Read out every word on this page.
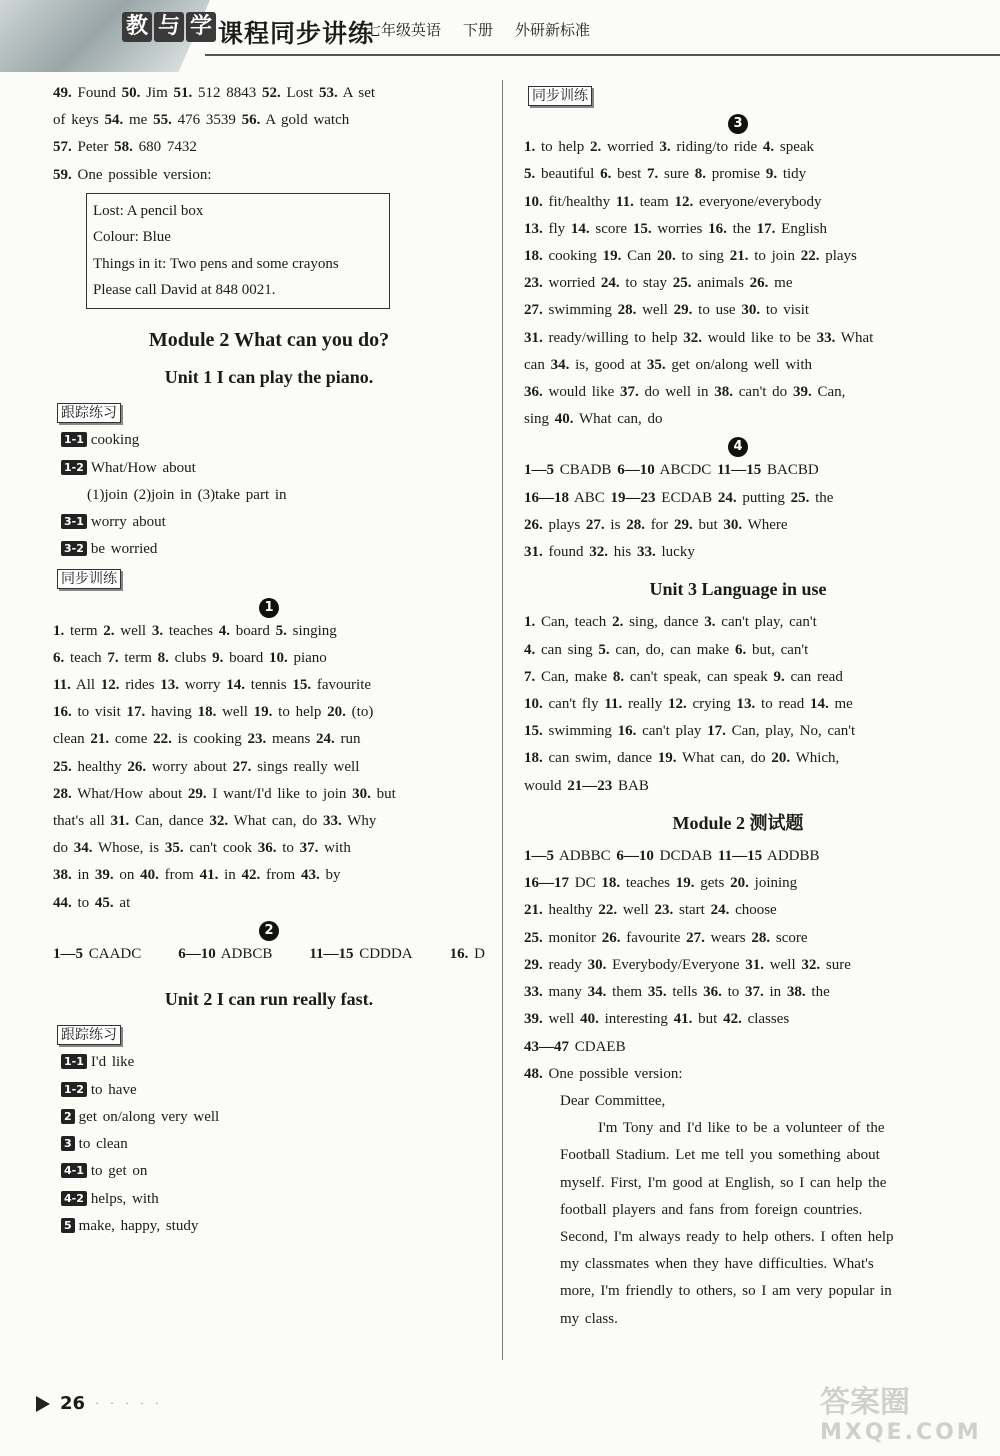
教 与 学 课程同步讲练
七年级英语 下册 外研新标准
49. Found 50. Jim 51. 512 8843 52. Lost 53. A set
of keys 54. me 55. 476 3539 56. A gold watch
57. Peter 58. 680 7432
59. One possible version:
Lost: A pencil box
Colour: Blue
Things in it: Two pens and some crayons
Please call David at 848 0021.
Module 2 What can you do?
Unit 1 I can play the piano.
跟踪练习
1-1 cooking
1-2 What/How about
(1)join (2)join in (3)take part in
3-1 worry about
3-2 be worried
同步训练
1
1. term 2. well 3. teaches 4. board 5. singing
6. teach 7. term 8. clubs 9. board 10. piano
11. All 12. rides 13. worry 14. tennis 15. favourite
16. to visit 17. having 18. well 19. to help 20. (to)
clean 21. come 22. is cooking 23. means 24. run
25. healthy 26. worry about 27. sings really well
28. What/How about 29. I want/I'd like to join 30. but
that's all 31. Can, dance 32. What can, do 33. Why
do 34. Whose, is 35. can't cook 36. to 37. with
38. in 39. on 40. from 41. in 42. from 43. by
44. to 45. at
2
1—5 CAADC 6—10 ADBCB 11—15 CDDDA 16. D
Unit 2 I can run really fast.
跟踪练习
1-1 I'd like
1-2 to have
2 get on/along very well
3 to clean
4-1 to get on
4-2 helps, with
5 make, happy, study
同步训练
3
1. to help 2. worried 3. riding/to ride 4. speak
5. beautiful 6. best 7. sure 8. promise 9. tidy
10. fit/healthy 11. team 12. everyone/everybody
13. fly 14. score 15. worries 16. the 17. English
18. cooking 19. Can 20. to sing 21. to join 22. plays
23. worried 24. to stay 25. animals 26. me
27. swimming 28. well 29. to use 30. to visit
31. ready/willing to help 32. would like to be 33. What
can 34. is, good at 35. get on/along well with
36. would like 37. do well in 38. can't do 39. Can,
sing 40. What can, do
4
1—5 CBADB 6—10 ABCDC 11—15 BACBD
16—18 ABC 19—23 ECDAB 24. putting 25. the
26. plays 27. is 28. for 29. but 30. Where
31. found 32. his 33. lucky
Unit 3 Language in use
1. Can, teach 2. sing, dance 3. can't play, can't
4. can sing 5. can, do, can make 6. but, can't
7. Can, make 8. can't speak, can speak 9. can read
10. can't fly 11. really 12. crying 13. to read 14. me
15. swimming 16. can't play 17. Can, play, No, can't
18. can swim, dance 19. What can, do 20. Which,
would 21—23 BAB
Module 2 测试题
1—5 ADBBC 6—10 DCDAB 11—15 ADDBB
16—17 DC 18. teaches 19. gets 20. joining
21. healthy 22. well 23. start 24. choose
25. monitor 26. favourite 27. wears 28. score
29. ready 30. Everybody/Everyone 31. well 32. sure
33. many 34. them 35. tells 36. to 37. in 38. the
39. well 40. interesting 41. but 42. classes
43—47 CDAEB
48. One possible version:
Dear Committee,
I'm Tony and I'd like to be a volunteer of the
Football Stadium. Let me tell you something about
myself. First, I'm good at English, so I can help the
football players and fans from foreign countries.
Second, I'm always ready to help others. I often help
my classmates when they have difficulties. What's
more, I'm friendly to others, so I am very popular in
my class.
26 · · · · ·	答案圈
MXQE.COM
